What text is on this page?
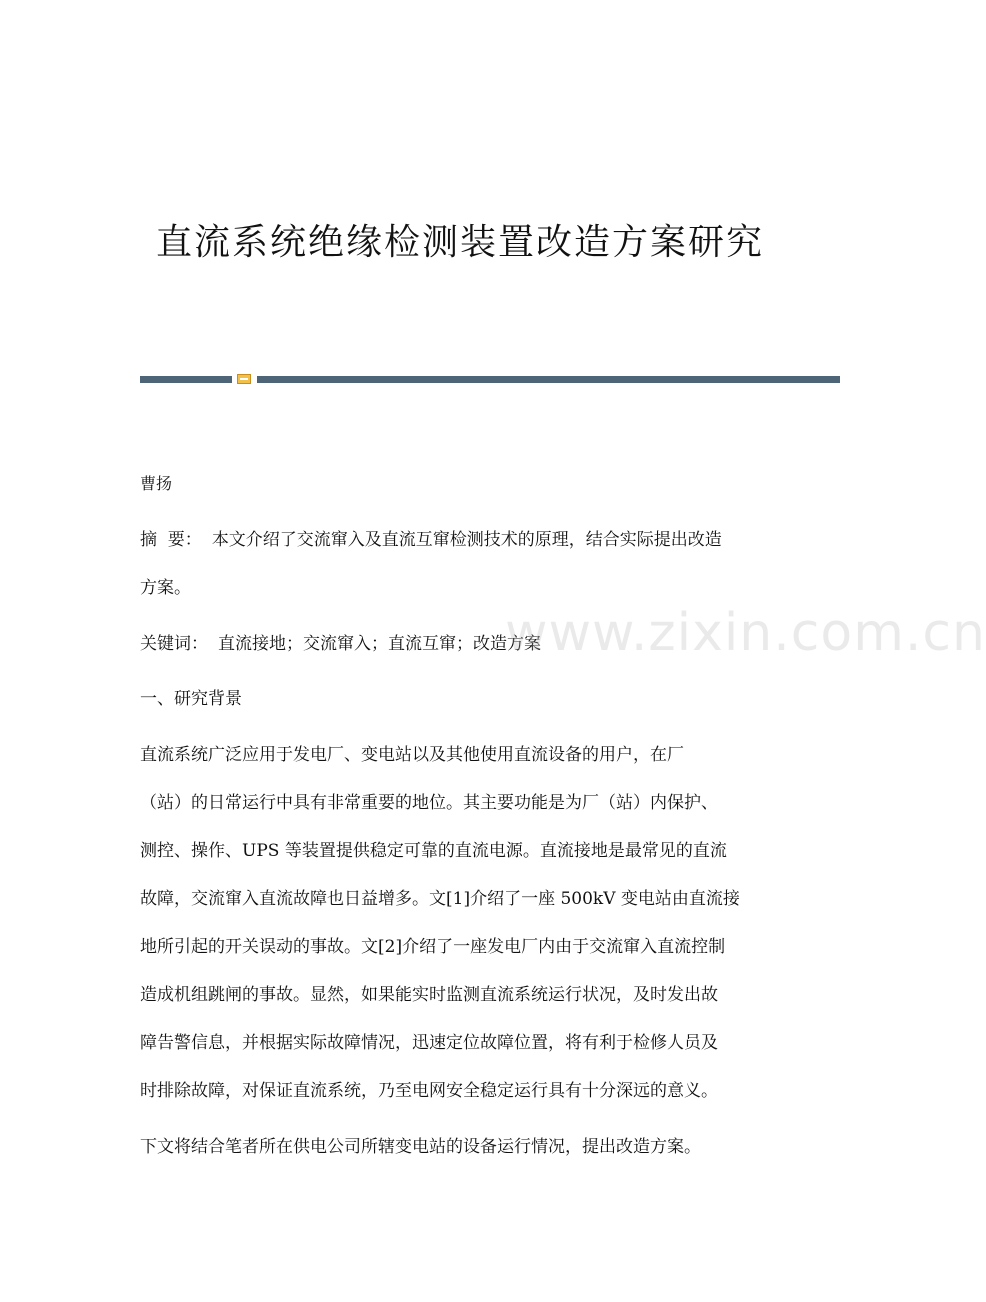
直流系统绝缘检测装置改造方案研究

曹扬

摘  要： 本文介绍了交流窜入及直流互窜检测技术的原理，结合实际提出改造

方案。

关键词： 直流接地；交流窜入；直流互窜；改造方案

一、研究背景

直流系统广泛应用于发电厂、变电站以及其他使用直流设备的用户，在厂

（站）的日常运行中具有非常重要的地位。其主要功能是为厂（站）内保护、

测控、操作、UPS 等装置提供稳定可靠的直流电源。直流接地是最常见的直流

故障，交流窜入直流故障也日益增多。文[1]介绍了一座 500kV 变电站由直流接

地所引起的开关误动的事故。文[2]介绍了一座发电厂内由于交流窜入直流控制

造成机组跳闸的事故。显然，如果能实时监测直流系统运行状况，及时发出故

障告警信息，并根据实际故障情况，迅速定位故障位置，将有利于检修人员及

时排除故障，对保证直流系统，乃至电网安全稳定运行具有十分深远的意义。

下文将结合笔者所在供电公司所辖变电站的设备运行情况，提出改造方案。

www.zixin.com.cn
